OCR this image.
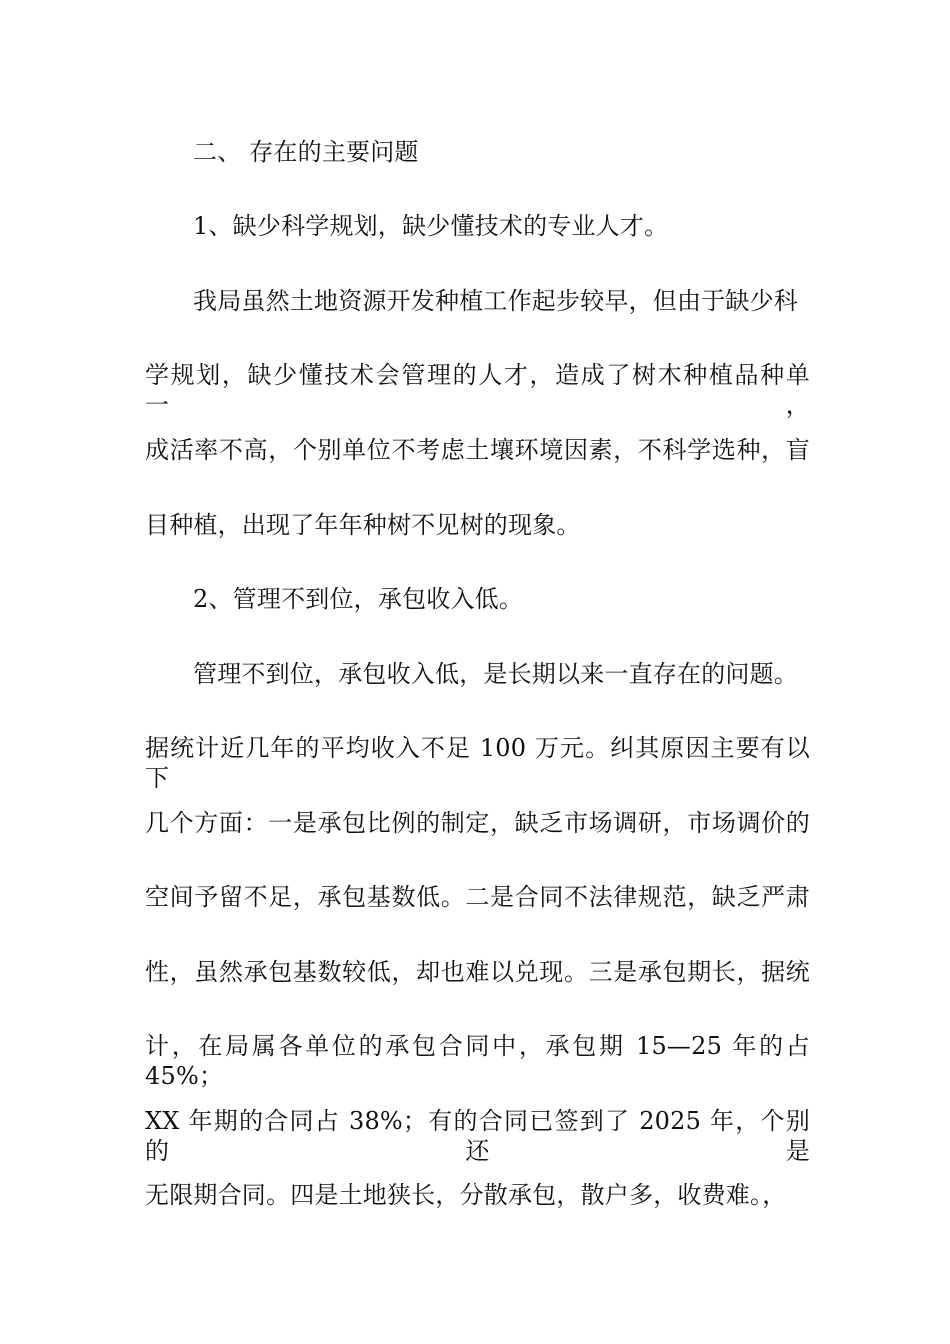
二、 存在的主要问题
1、缺少科学规划，缺少懂技术的专业人才。
我局虽然土地资源开发种植工作起步较早，但由于缺少科
学规划，缺少懂技术会管理的人才，造成了树木种植品种单一，
成活率不高，个别单位不考虑土壤环境因素，不科学选种，盲
目种植，出现了年年种树不见树的现象。
2、管理不到位，承包收入低。
管理不到位，承包收入低，是长期以来一直存在的问题。
据统计近几年的平均收入不足 100 万元。纠其原因主要有以下
几个方面：一是承包比例的制定，缺乏市场调研，市场调价的
空间予留不足，承包基数低。二是合同不法律规范，缺乏严肃
性，虽然承包基数较低，却也难以兑现。三是承包期长，据统
计，在局属各单位的承包合同中，承包期 15—25 年的占 45%；
XX 年期的合同占 38%；有的合同已签到了 2025 年，个别的还是
无限期合同。四是土地狭长，分散承包，散户多，收费难。，
